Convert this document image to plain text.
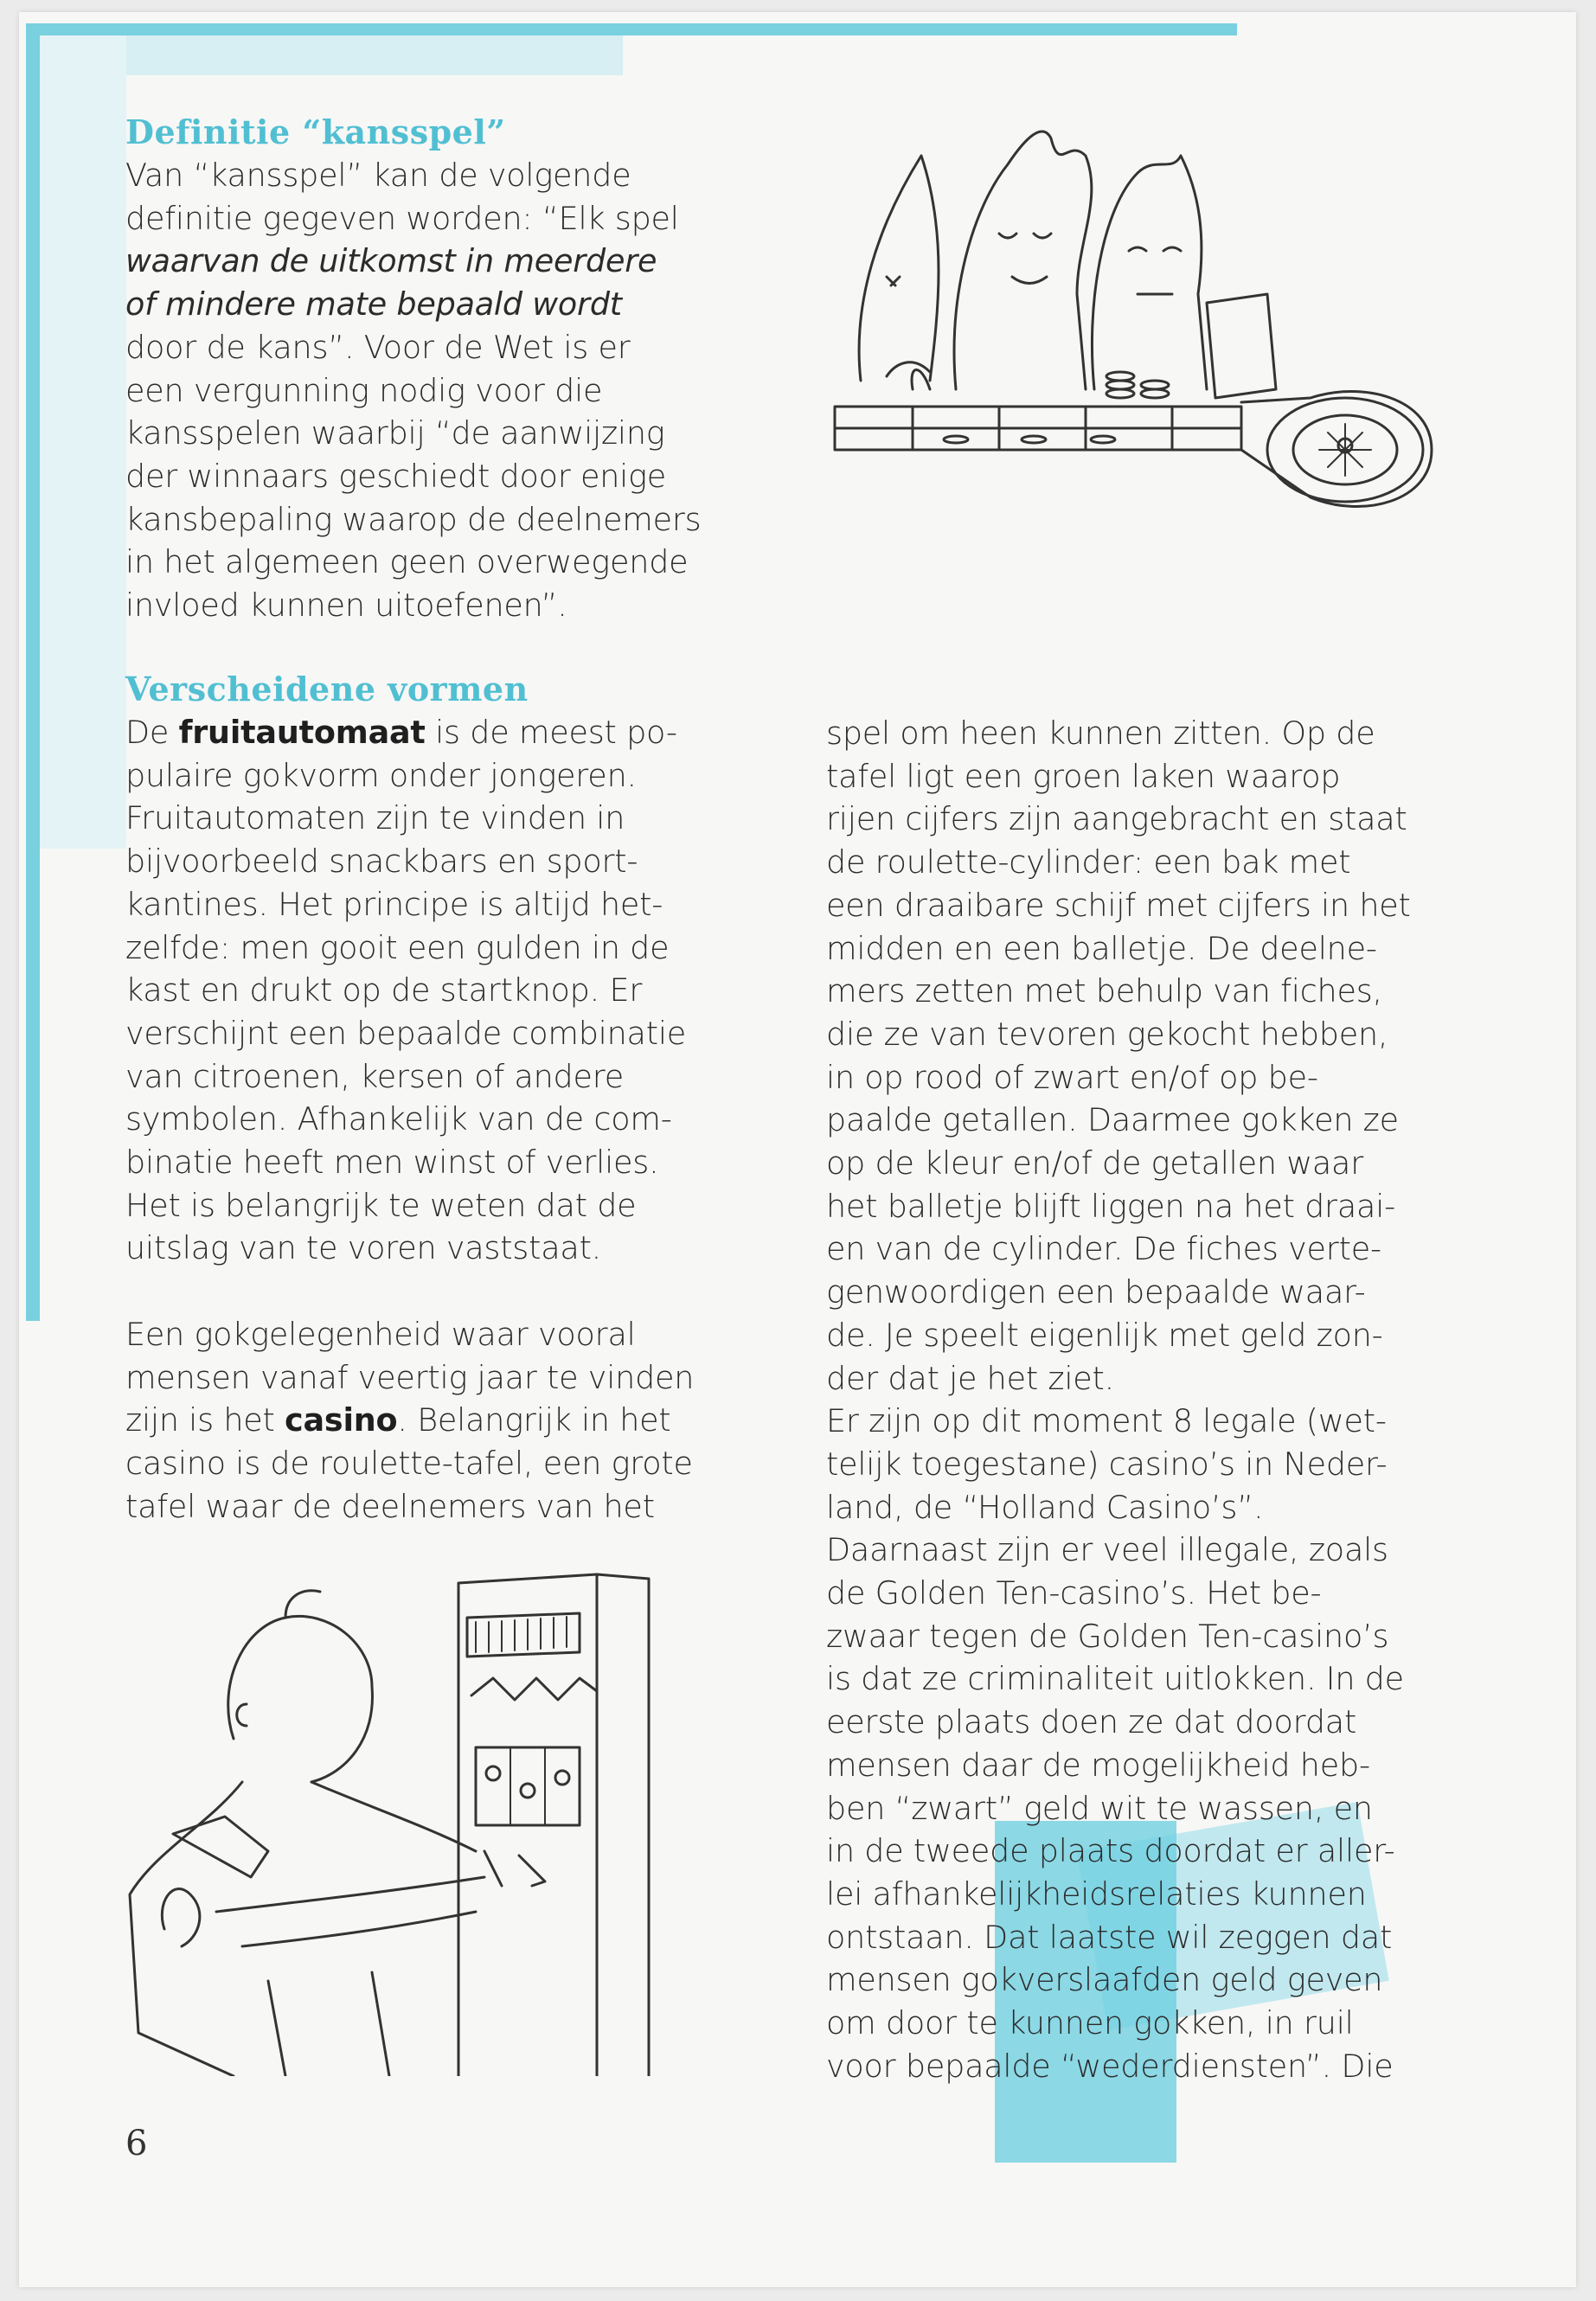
Definitie “kansspel”
Van “kansspel” kan de volgende
definitie gegeven worden: “Elk spel
waarvan de uitkomst in meerdere
of mindere mate bepaald wordt
door de kans”. Voor de Wet is er
een vergunning nodig voor die
kansspelen waarbij “de aanwijzing
der winnaars geschiedt door enige
kansbepaling waarop de deelnemers
in het algemeen geen overwegende
invloed kunnen uitoefenen”.
Verscheidene vormen
De fruitautomaat is de meest po-
pulaire gokvorm onder jongeren.
Fruitautomaten zijn te vinden in
bijvoorbeeld snackbars en sport-
kantines. Het principe is altijd het-
zelfde: men gooit een gulden in de
kast en drukt op de startknop. Er
verschijnt een bepaalde combinatie
van citroenen, kersen of andere
symbolen. Afhankelijk van de com-
binatie heeft men winst of verlies.
Het is belangrijk te weten dat de
uitslag van te voren vaststaat.
Een gokgelegenheid waar vooral
mensen vanaf veertig jaar te vinden
zijn is het casino. Belangrijk in het
casino is de roulette-tafel, een grote
tafel waar de deelnemers van het
spel om heen kunnen zitten. Op de
tafel ligt een groen laken waarop
rijen cijfers zijn aangebracht en staat
de roulette-cylinder: een bak met
een draaibare schijf met cijfers in het
midden en een balletje. De deelne-
mers zetten met behulp van fiches,
die ze van tevoren gekocht hebben,
in op rood of zwart en/of op be-
paalde getallen. Daarmee gokken ze
op de kleur en/of de getallen waar
het balletje blijft liggen na het draai-
en van de cylinder. De fiches verte-
genwoordigen een bepaalde waar-
de. Je speelt eigenlijk met geld zon-
der dat je het ziet.
Er zijn op dit moment 8 legale (wet-
telijk toegestane) casino’s in Neder-
land, de “Holland Casino’s”.
Daarnaast zijn er veel illegale, zoals
de Golden Ten-casino’s. Het be-
zwaar tegen de Golden Ten-casino’s
is dat ze criminaliteit uitlokken. In de
eerste plaats doen ze dat doordat
mensen daar de mogelijkheid heb-
ben “zwart” geld wit te wassen, en
in de tweede plaats doordat er aller-
lei afhankelijkheidsrelaties kunnen
ontstaan. Dat laatste wil zeggen dat
mensen gokverslaafden geld geven
om door te kunnen gokken, in ruil
voor bepaalde “wederdiensten”. Die
6
